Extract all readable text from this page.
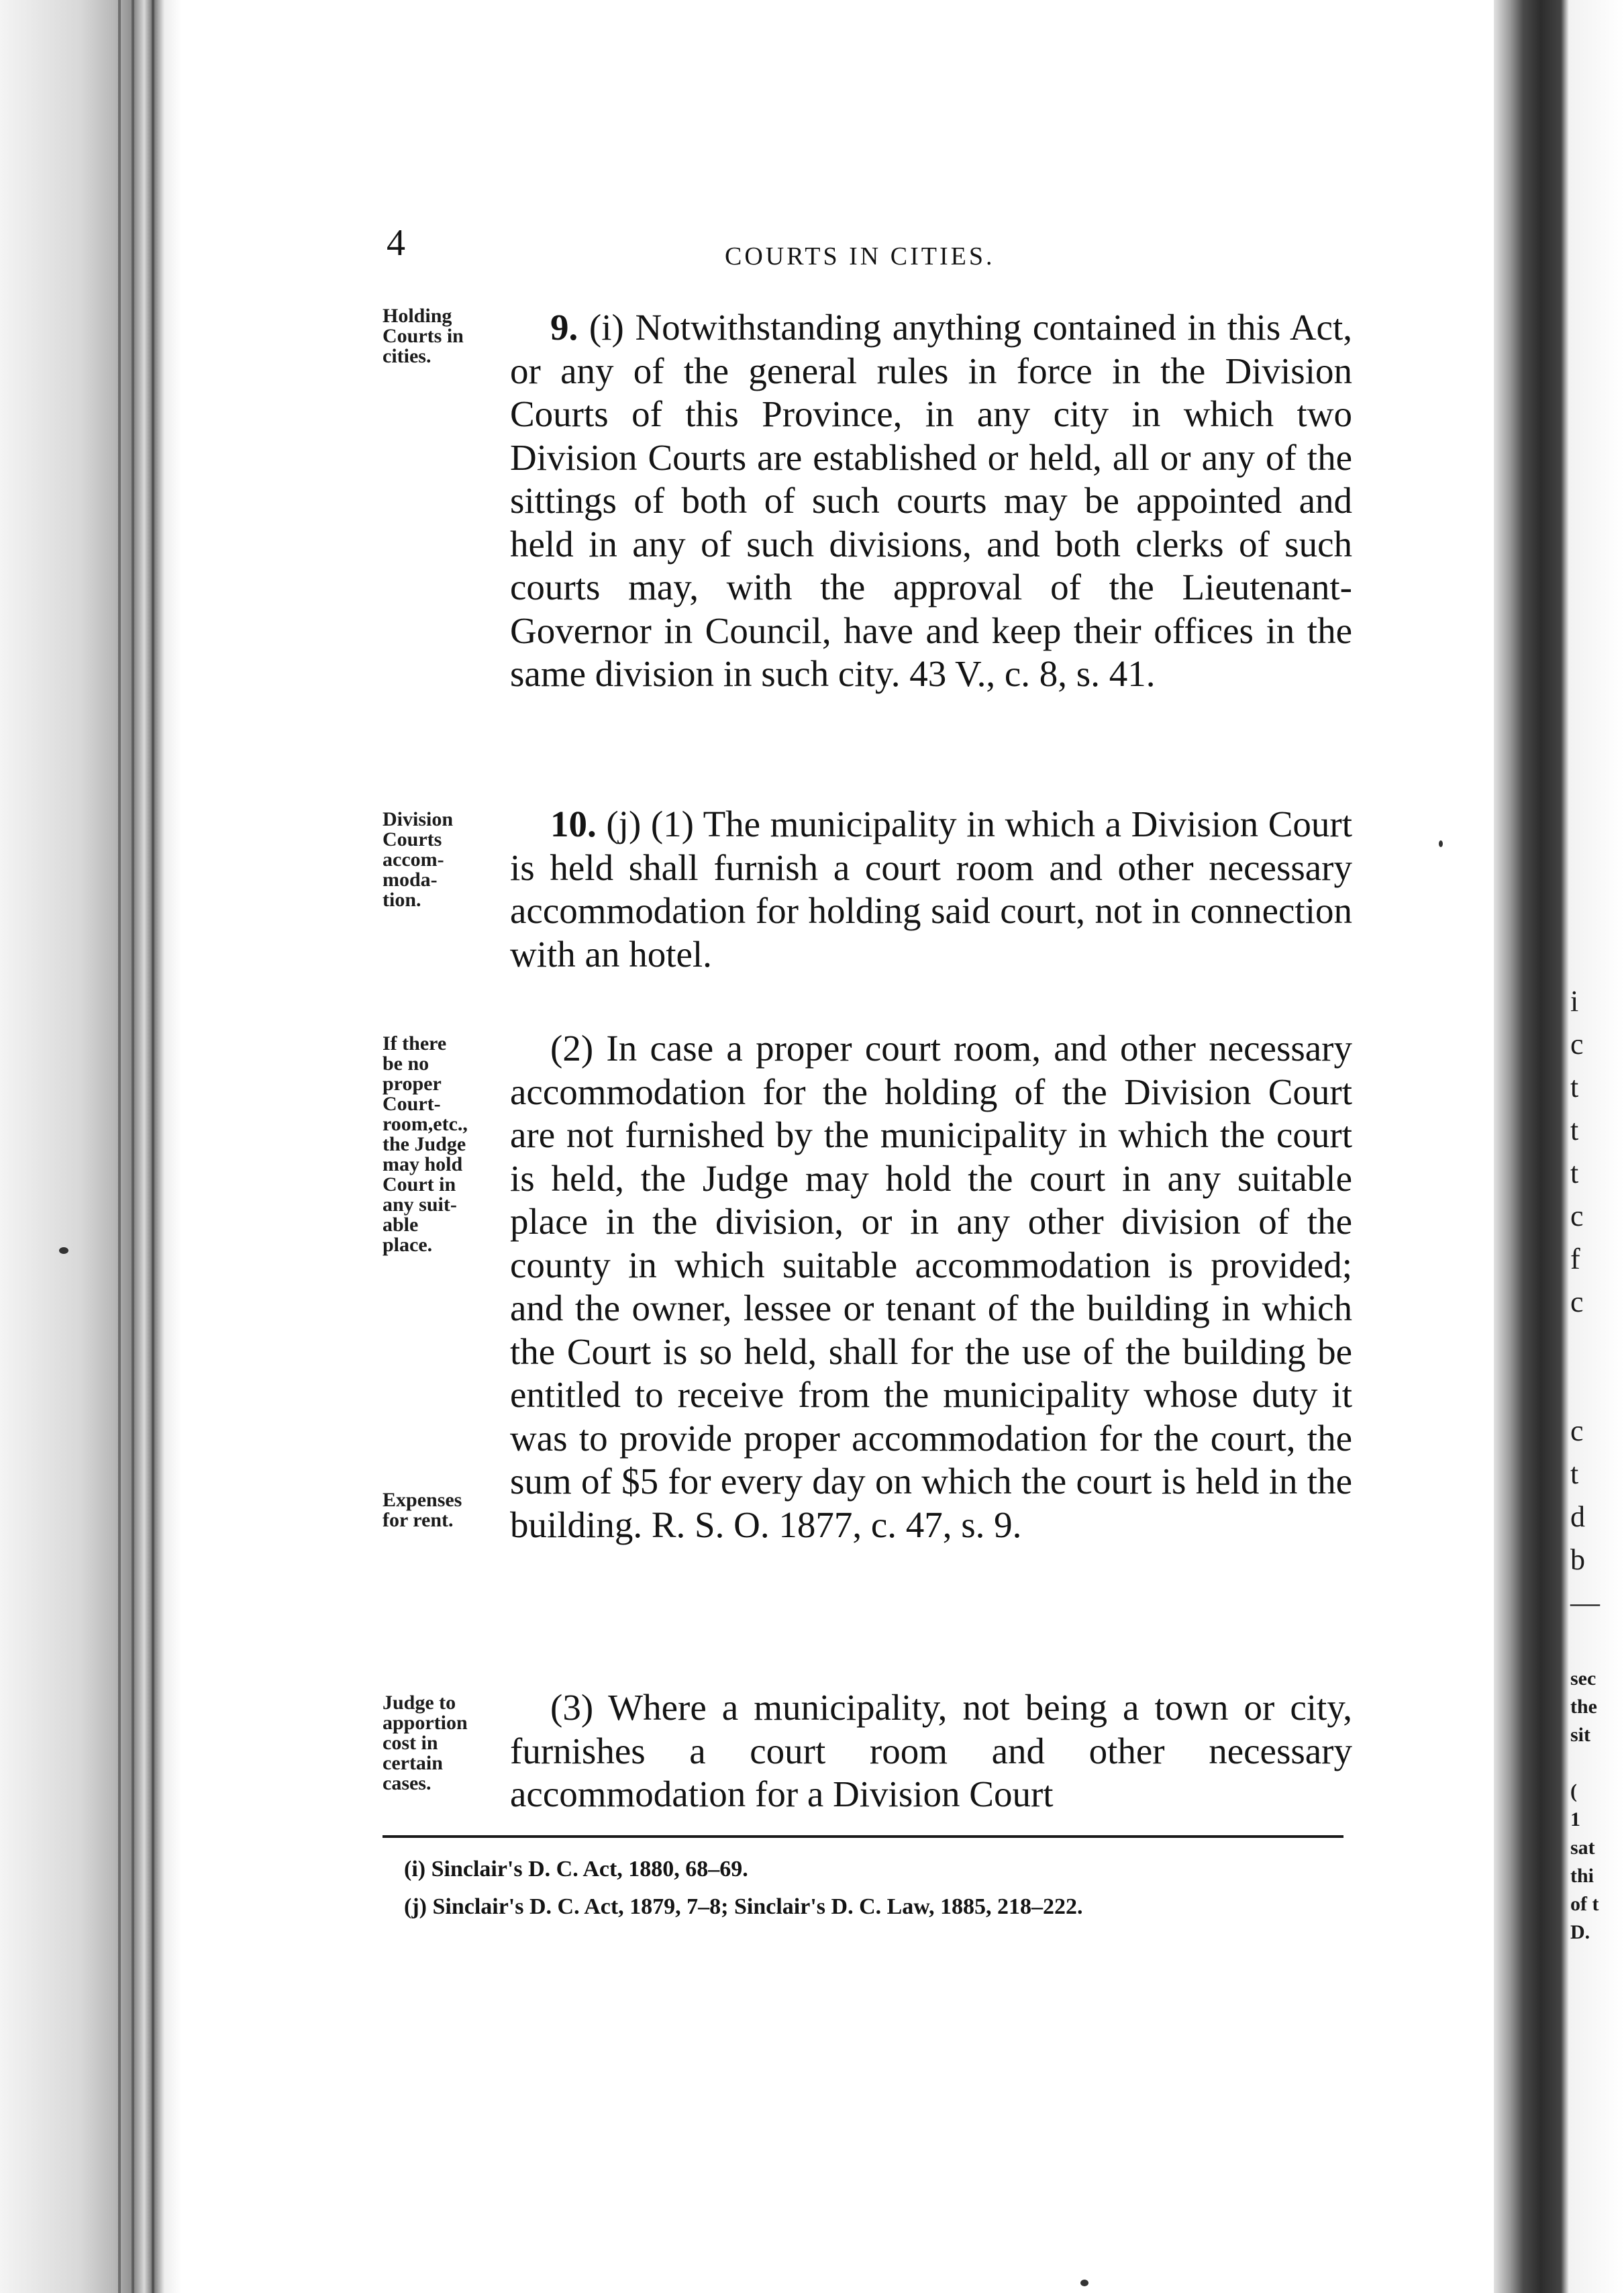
i
c
t
t
t
c
f
c
c
t
d
b
—
sec
the
sit
(
1
sat
thi
of t
D.
4	COURTS IN CITIES.
Holding
Courts in
cities.
Division
Courts
accom-
moda-
tion.
If there
be no
proper
Court-
room,etc.,
the Judge
may hold
Court in
any suit-
able
place.
Expenses
for rent.
Judge to
apportion
cost in
certain
cases.
9. (i) Notwithstanding anything contained in this Act, or any of the general rules in force in the Division Courts of this Province, in any city in which two Division Courts are established or held, all or any of the sittings of both of such courts may be appointed and held in any of such divisions, and both clerks of such courts may, with the approval of the Lieutenant-Governor in Council, have and keep their offices in the same division in such city. 43 V., c. 8, s. 41.
10. (j) (1) The municipality in which a Division Court is held shall furnish a court room and other necessary accommodation for holding said court, not in connection with an hotel.
(2) In case a proper court room, and other necessary accommodation for the holding of the Division Court are not furnished by the municipality in which the court is held, the Judge may hold the court in any suitable place in the division, or in any other division of the county in which suitable accommodation is provided; and the owner, lessee or tenant of the building in which the Court is so held, shall for the use of the building be entitled to receive from the municipality whose duty it was to provide proper accommodation for the court, the sum of $5 for every day on which the court is held in the building. R. S. O. 1877, c. 47, s. 9.
(3) Where a municipality, not being a town or city, furnishes a court room and other necessary accommodation for a Division Court
(i) Sinclair's D. C. Act, 1880, 68–69.
(j) Sinclair's D. C. Act, 1879, 7–8; Sinclair's D. C. Law, 1885, 218–222.
